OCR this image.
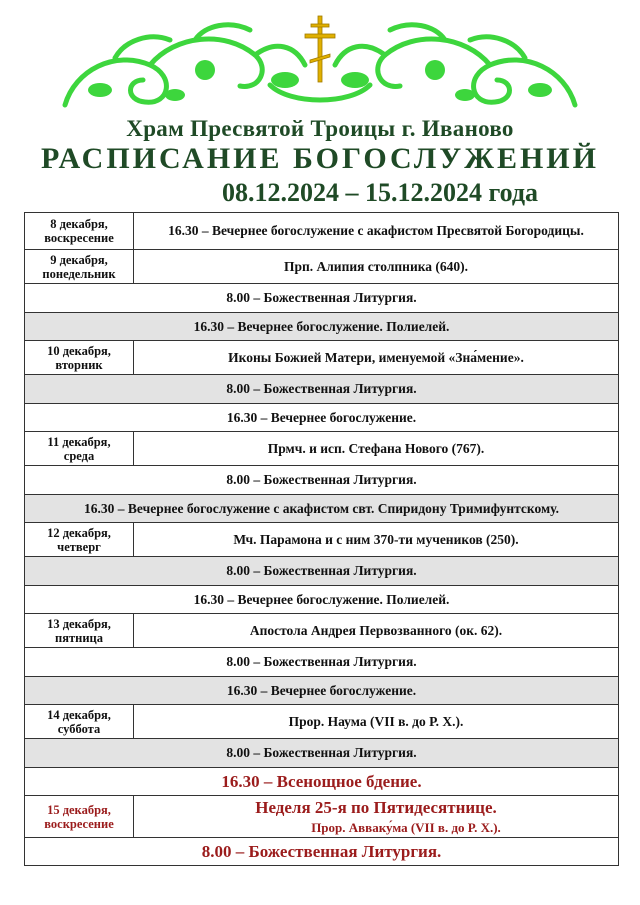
Храм Пресвятой Троицы г. Иваново
РАСПИСАНИЕ БОГОСЛУЖЕНИЙ
08.12.2024 – 15.12.2024 года
8 декабря,
воскресение	16.30 – Вечернее богослужение с акафистом Пресвятой Богородицы.
9 декабря,
понедельник	Прп. Алипия столпника (640).
8.00 – Божественная Литургия.	
16.30 – Вечернее богослужение. Полиелей.	
10 декабря,
вторник	Иконы Божией Матери, именуемой «Зна́мение».
8.00 – Божественная Литургия.	
16.30 – Вечернее богослужение.	
11 декабря,
среда	Прмч. и исп. Стефана Нового (767).
8.00 – Божественная Литургия.	
16.30 – Вечернее богослужение с акафистом свт. Спиридону Тримифунтскому.	
12 декабря,
четверг	Мч. Парамона и с ним 370-ти мучеников (250).
8.00 – Божественная Литургия.	
16.30 – Вечернее богослужение. Полиелей.	
13 декабря,
пятница	Апостола Андрея Первозванного (ок. 62).
8.00 – Божественная Литургия.	
16.30 – Вечернее богослужение.	
14 декабря,
суббота	Прор. Наума (VII в. до Р. Х.).
8.00 – Божественная Литургия.	
16.30 – Всенощное бдение.	
15 декабря,
воскресение	Неделя 25-я по Пятидесятнице.
Прор. Авваку́ма (VII в. до Р. Х.).

8.00 – Божественная Литургия.	
